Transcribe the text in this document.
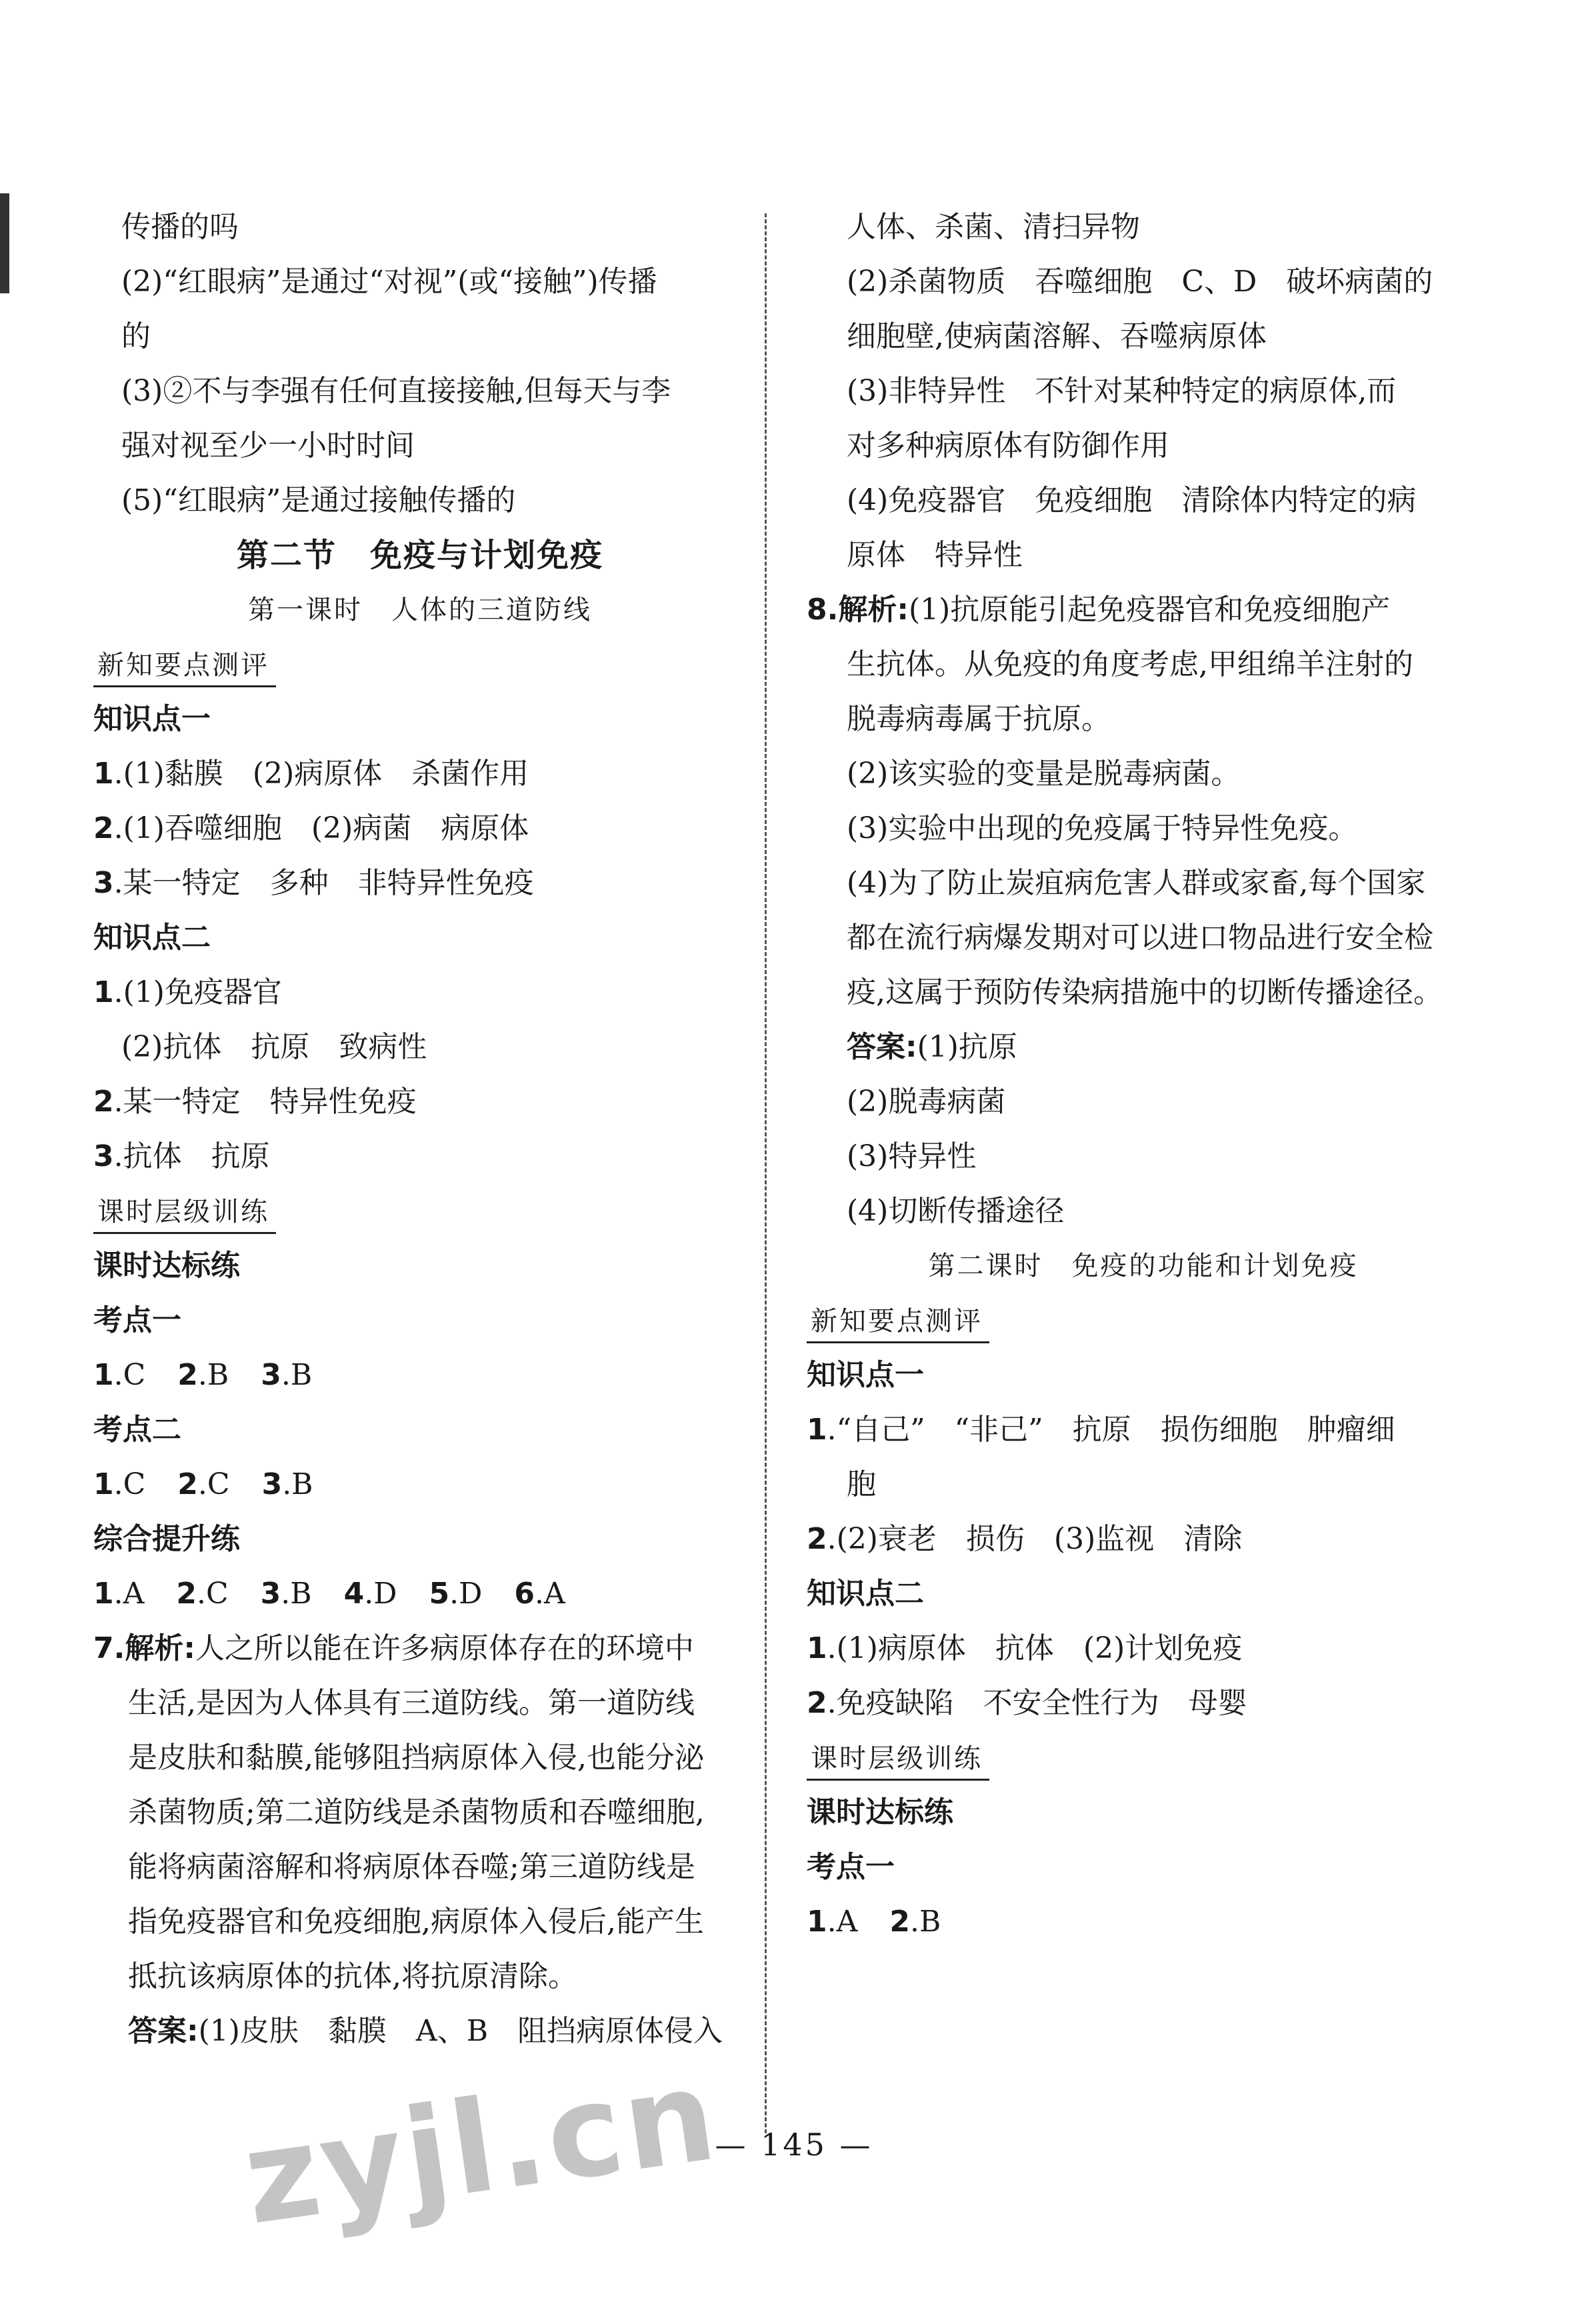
传播的吗
(2)“红眼病”是通过“对视”(或“接触”)传播
的
(3)②不与李强有任何直接接触,但每天与李
强对视至少一小时时间
(5)“红眼病”是通过接触传播的
第二节　免疫与计划免疫
第一课时　人体的三道防线
新知要点测评
知识点一
1.(1)黏膜　(2)病原体　杀菌作用
2.(1)吞噬细胞　(2)病菌　病原体
3.某一特定　多种　非特异性免疫
知识点二
1.(1)免疫器官
(2)抗体　抗原　致病性
2.某一特定　特异性免疫
3.抗体　抗原
课时层级训练
课时达标练
考点一
1.C 2.B 3.B
考点二
1.C 2.C 3.B
综合提升练
1.A 2.C 3.B 4.D 5.D 6.A
7.解析:人之所以能在许多病原体存在的环境中
生活,是因为人体具有三道防线。第一道防线
是皮肤和黏膜,能够阻挡病原体入侵,也能分泌
杀菌物质;第二道防线是杀菌物质和吞噬细胞,
能将病菌溶解和将病原体吞噬;第三道防线是
指免疫器官和免疫细胞,病原体入侵后,能产生
抵抗该病原体的抗体,将抗原清除。
答案:(1)皮肤　黏膜　A、B　阻挡病原体侵入
人体、杀菌、清扫异物
(2)杀菌物质　吞噬细胞　C、D　破坏病菌的
细胞壁,使病菌溶解、吞噬病原体
(3)非特异性　不针对某种特定的病原体,而
对多种病原体有防御作用
(4)免疫器官　免疫细胞　清除体内特定的病
原体　特异性
8.解析:(1)抗原能引起免疫器官和免疫细胞产
生抗体。从免疫的角度考虑,甲组绵羊注射的
脱毒病毒属于抗原。
(2)该实验的变量是脱毒病菌。
(3)实验中出现的免疫属于特异性免疫。
(4)为了防止炭疽病危害人群或家畜,每个国家
都在流行病爆发期对可以进口物品进行安全检
疫,这属于预防传染病措施中的切断传播途径。
答案:(1)抗原
(2)脱毒病菌
(3)特异性
(4)切断传播途径
第二课时　免疫的功能和计划免疫
新知要点测评
知识点一
1.“自己”　“非己”　抗原　损伤细胞　肿瘤细
胞
2.(2)衰老　损伤　(3)监视　清除
知识点二
1.(1)病原体　抗体　(2)计划免疫
2.免疫缺陷　不安全性行为　母婴
课时层级训练
课时达标练
考点一
1.A 2.B
zyjl.cn
— 145 —
